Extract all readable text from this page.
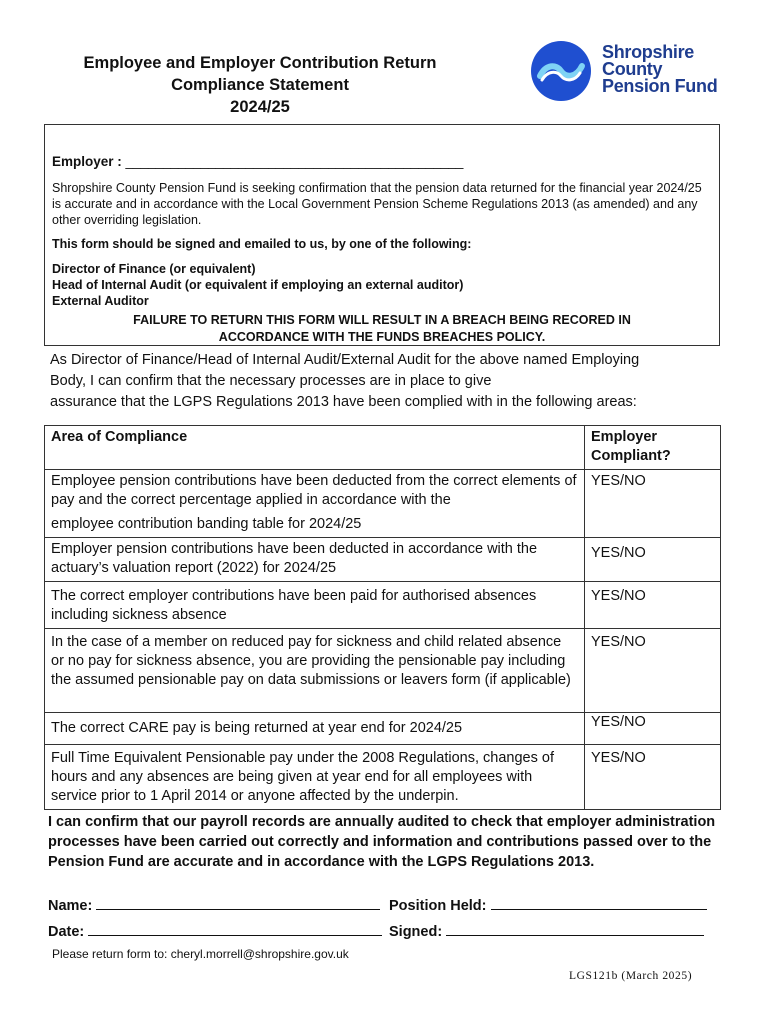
Employee and Employer Contribution Return
Compliance Statement
2024/25
Shropshire
County
Pension Fund
Employer : _____________________________________________
Shropshire County Pension Fund is seeking confirmation that the pension data returned for the financial year 2024/25 is accurate and in accordance with the Local Government Pension Scheme Regulations 2013 (as amended) and any other overriding legislation.
This form should be signed and emailed to us, by one of the following:
Director of Finance (or equivalent)
Head of Internal Audit (or equivalent if employing an external auditor)
External Auditor
FAILURE TO RETURN THIS FORM WILL RESULT IN A BREACH BEING RECORED IN
ACCORDANCE WITH THE FUNDS BREACHES POLICY.
As Director of Finance/Head of Internal Audit/External Audit for the above named Employing
Body, I can confirm that the necessary processes are in place to give
assurance that the LGPS Regulations 2013 have been complied with in the following areas:
Area of Compliance	Employer
Compliant?

Employee pension contributions have been deducted from the correct elements of pay and the correct percentage applied in accordance with the
employee contribution banding table for 2024/25	YES/NO
Employer pension contributions have been deducted in accordance with the actuary’s valuation report (2022) for 2024/25	YES/NO
The correct employer contributions have been paid for authorised absences including sickness absence	YES/NO
In the case of a member on reduced pay for sickness and child related absence or no pay for sickness absence, you are providing the pensionable pay including the assumed pensionable pay on data submissions or leavers form (if applicable)	YES/NO
The correct CARE pay is being returned at year end for 2024/25	YES/NO
Full Time Equivalent Pensionable pay under the 2008 Regulations, changes of hours and any absences are being given at year end for all employees with service prior to 1 April 2014 or anyone affected by the underpin.	YES/NO
I can confirm that our payroll records are annually audited to check that employer administration processes have been carried out correctly and information and contributions passed over to the Pension Fund are accurate and in accordance with the LGPS Regulations 2013.
Name:	Position Held:
Date:	Signed:
Please return form to: cheryl.morrell@shropshire.gov.uk
LGS121b (March 2025)
